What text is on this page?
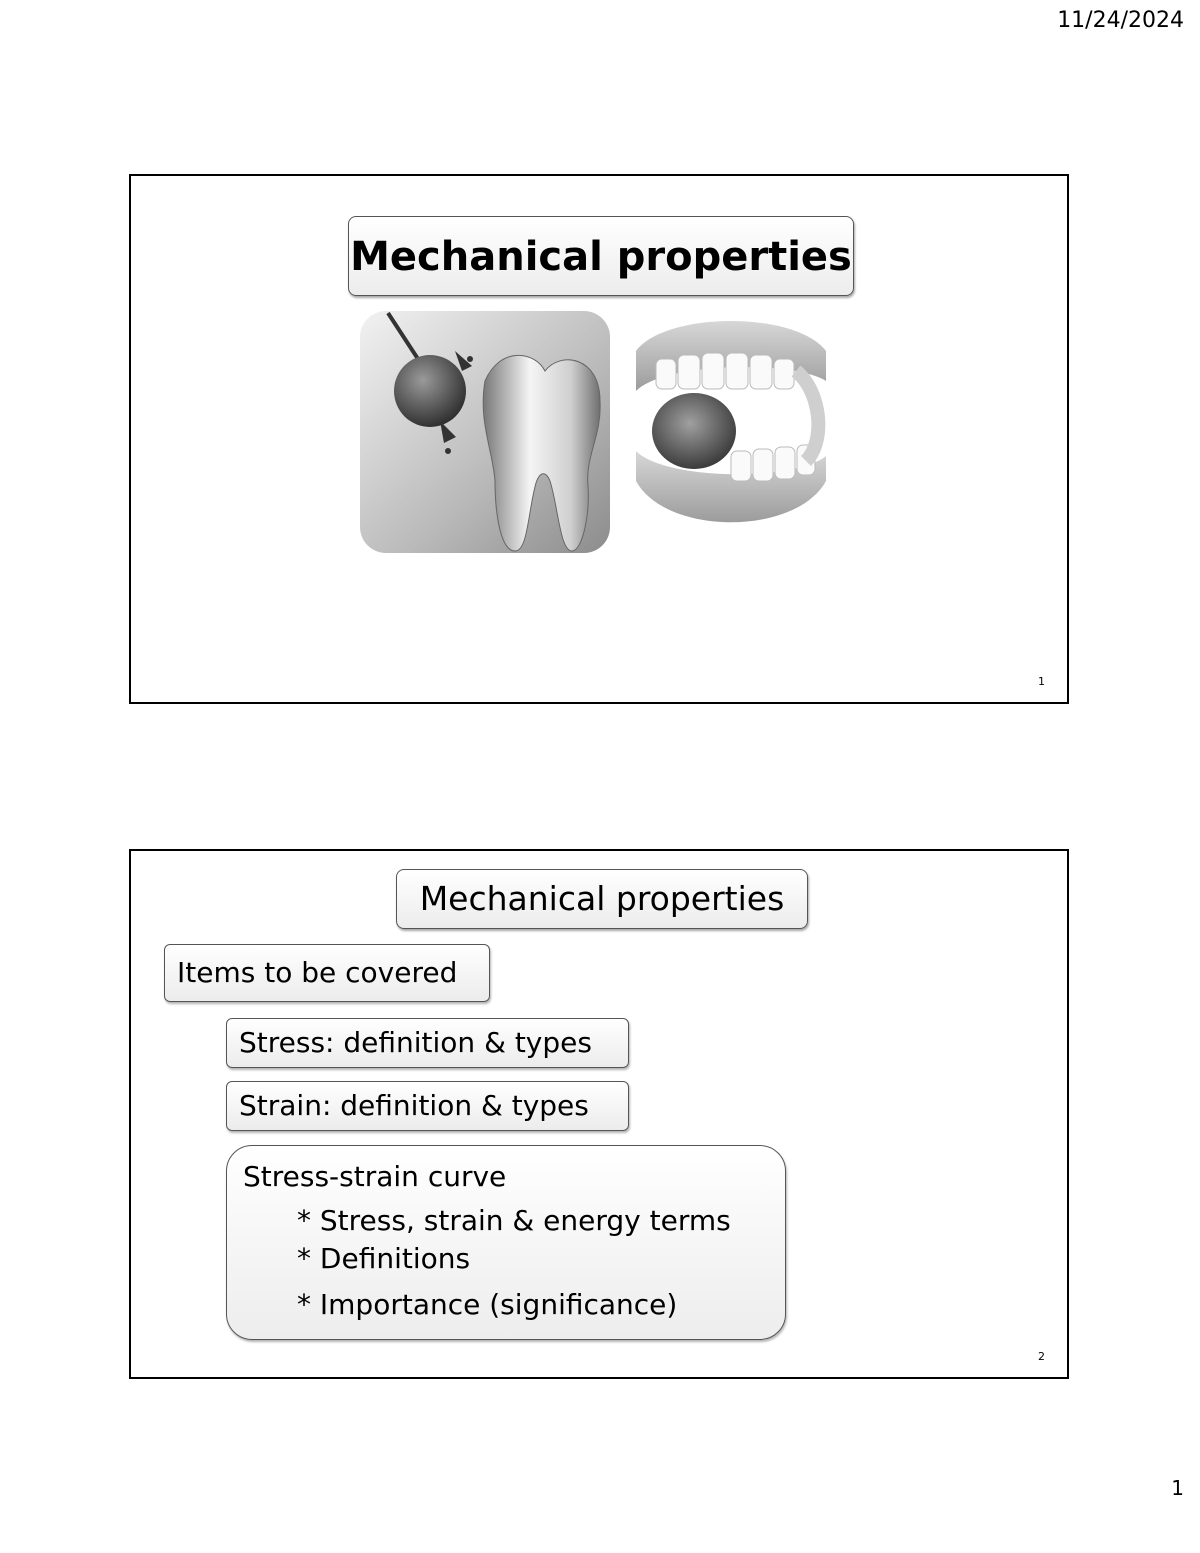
11/24/2024
Mechanical properties
1
Mechanical properties
Items to be covered
Stress: definition & types
Strain: definition & types
Stress-strain curve
* Stress, strain & energy terms
* Definitions
* Importance (significance)
2
1
